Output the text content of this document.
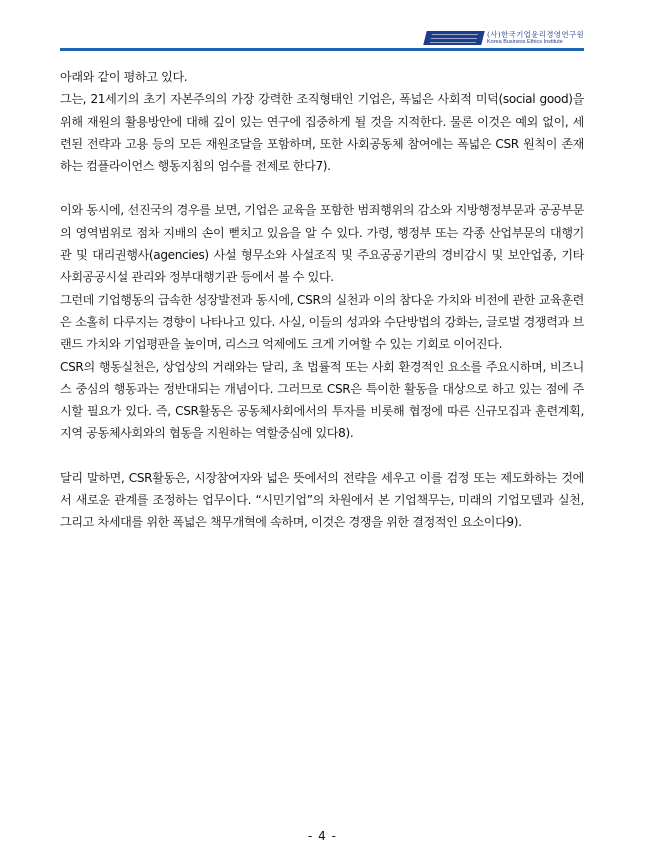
(사)한국기업윤리경영연구원
Korea Business Ethics Institute

아래와 같이 평하고 있다.

그는, 21세기의 초기 자본주의의 가장 강력한 조직형태인 기업은, 폭넓은 사회적 미덕(social good)을 위해 재원의 활용방안에 대해 깊이 있는 연구에 집중하게 될 것을 지적한다. 물론 이것은 예외 없이, 세련된 전략과 고용 등의 모든 재원조달을 포함하며, 또한 사회공동체 참여에는 폭넓은 CSR 원칙이 존재하는 컴플라이언스 행동지침의 엄수를 전제로 한다7).

이와 동시에, 선진국의 경우를 보면, 기업은 교육을 포함한 범죄행위의 감소와 지방행정부문과 공공부문의 영역범위로 점차 지배의 손이 뻗치고 있음을 알 수 있다. 가령, 행정부 또는 각종 산업부문의 대행기관 및 대리권행사(agencies) 사설 형무소와 사설조직 및 주요공공기관의 경비감시 및 보안업종, 기타 사회공공시설 관리와 정부대행기관 등에서 볼 수 있다.

그런데 기업행동의 급속한 성장발전과 동시에, CSR의 실천과 이의 참다운 가치와 비전에 관한 교육훈련은 소홀히 다루지는 경향이 나타나고 있다. 사실, 이들의 성과와 수단방법의 강화는, 글로벌 경쟁력과 브랜드 가치와 기업평판을 높이며, 리스크 억제에도 크게 기여할 수 있는 기회로 이어진다.

CSR의 행동실천은, 상업상의 거래와는 달리, 초 법률적 또는 사회 환경적인 요소를 주요시하며, 비즈니스 중심의 행동과는 정반대되는 개념이다. 그러므로 CSR은 특이한 활동을 대상으로 하고 있는 점에 주시할 필요가 있다. 즉, CSR활동은 공동체사회에서의 투자를 비롯해 협정에 따른 신규모집과 훈련계획, 지역 공동체사회와의 협동을 지원하는 역할중심에 있다8).

달리 말하면, CSR활동은, 시장참여자와 넓은 뜻에서의 전략을 세우고 이를 검정 또는 제도화하는 것에서 새로운 관계를 조정하는 업무이다. “시민기업”의 차원에서 본 기업책무는, 미래의 기업모델과 실천, 그리고 차세대를 위한 폭넓은 책무개혁에 속하며, 이것은 경쟁을 위한 결정적인 요소이다9).

- 4 -
